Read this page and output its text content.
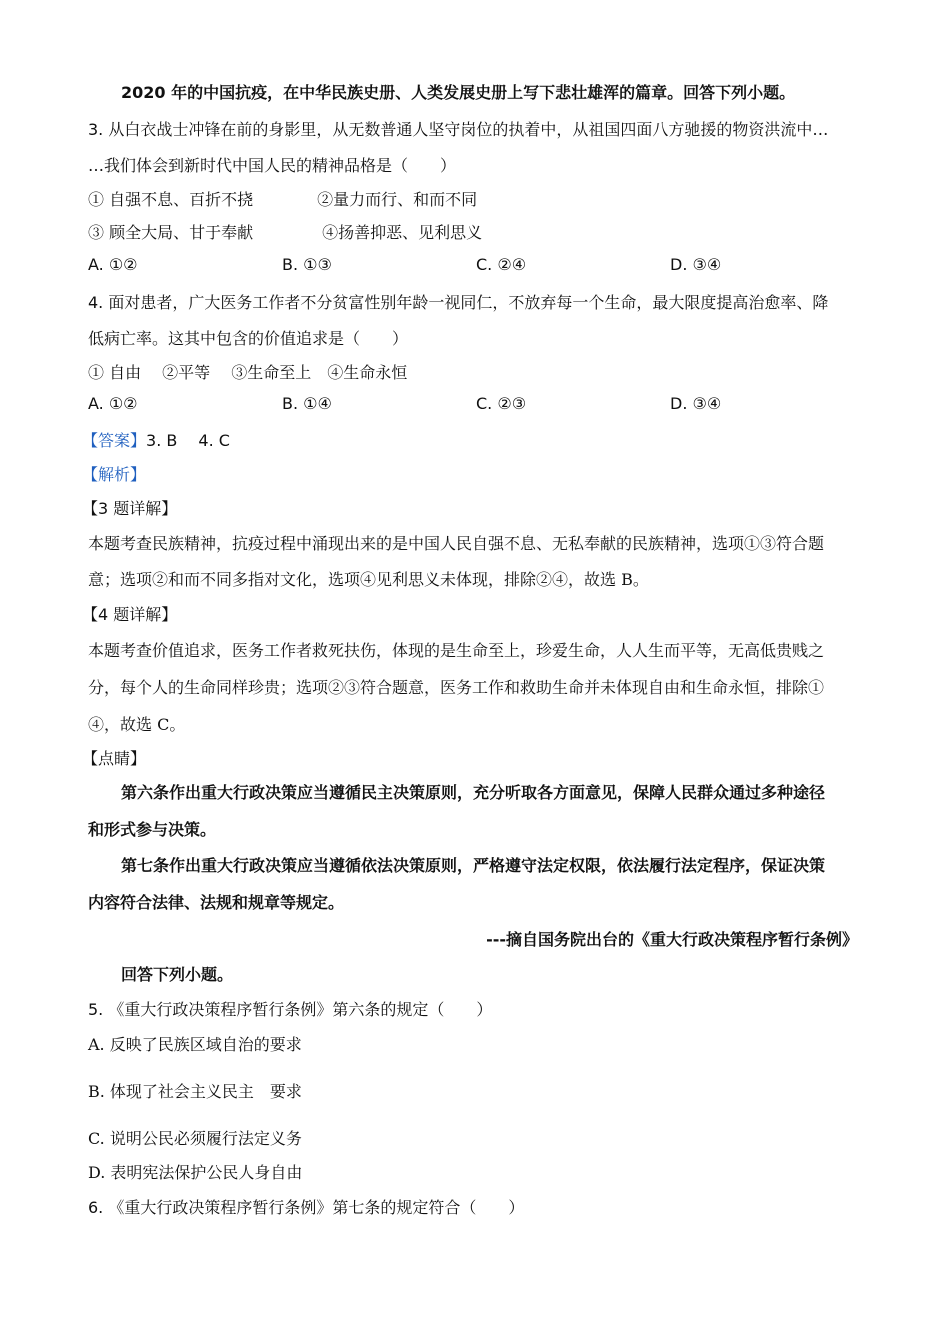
2020 年的中国抗疫，在中华民族史册、人类发展史册上写下悲壮雄浑的篇章。回答下列小题。
3. 从白衣战士冲锋在前的身影里，从无数普通人坚守岗位的执着中，从祖国四面八方驰援的物资洪流中…
…我们体会到新时代中国人民的精神品格是（　　）
① 自强不息、百折不挠　　　　②量力而行、和而不同
③ 顾全大局、甘于奉献　　　　 ④扬善抑恶、见利思义
A. ①②	B. ①③	C. ②④	D. ③④
4. 面对患者，广大医务工作者不分贫富性别年龄一视同仁，不放弃每一个生命，最大限度提高治愈率、降
低病亡率。这其中包含的价值追求是（　　）
① 自由　 ②平等　 ③生命至上　④生命永恒
A. ①②	B. ①④	C. ②③	D. ③④
【答案】3. B　 4. C
【解析】
【3 题详解】
本题考查民族精神，抗疫过程中涌现出来的是中国人民自强不息、无私奉献的民族精神，选项①③符合题
意；选项②和而不同多指对文化，选项④见利思义未体现，排除②④，故选 B。
【4 题详解】
本题考查价值追求，医务工作者救死扶伤，体现的是生命至上，珍爱生命，人人生而平等，无高低贵贱之
分，每个人的生命同样珍贵；选项②③符合题意，医务工作和救助生命并未体现自由和生命永恒，排除①
④，故选 C。
【点睛】
第六条作出重大行政决策应当遵循民主决策原则，充分听取各方面意见，保障人民群众通过多种途径
和形式参与决策。
第七条作出重大行政决策应当遵循依法决策原则，严格遵守法定权限，依法履行法定程序，保证决策
内容符合法律、法规和规章等规定。
---摘自国务院出台的《重大行政决策程序暂行条例》
回答下列小题。
5. 《重大行政决策程序暂行条例》第六条的规定（　　）
A. 反映了民族区域自治的要求
B. 体现了社会主义民主　要求
C. 说明公民必须履行法定义务
D. 表明宪法保护公民人身自由
6. 《重大行政决策程序暂行条例》第七条的规定符合（　　）
